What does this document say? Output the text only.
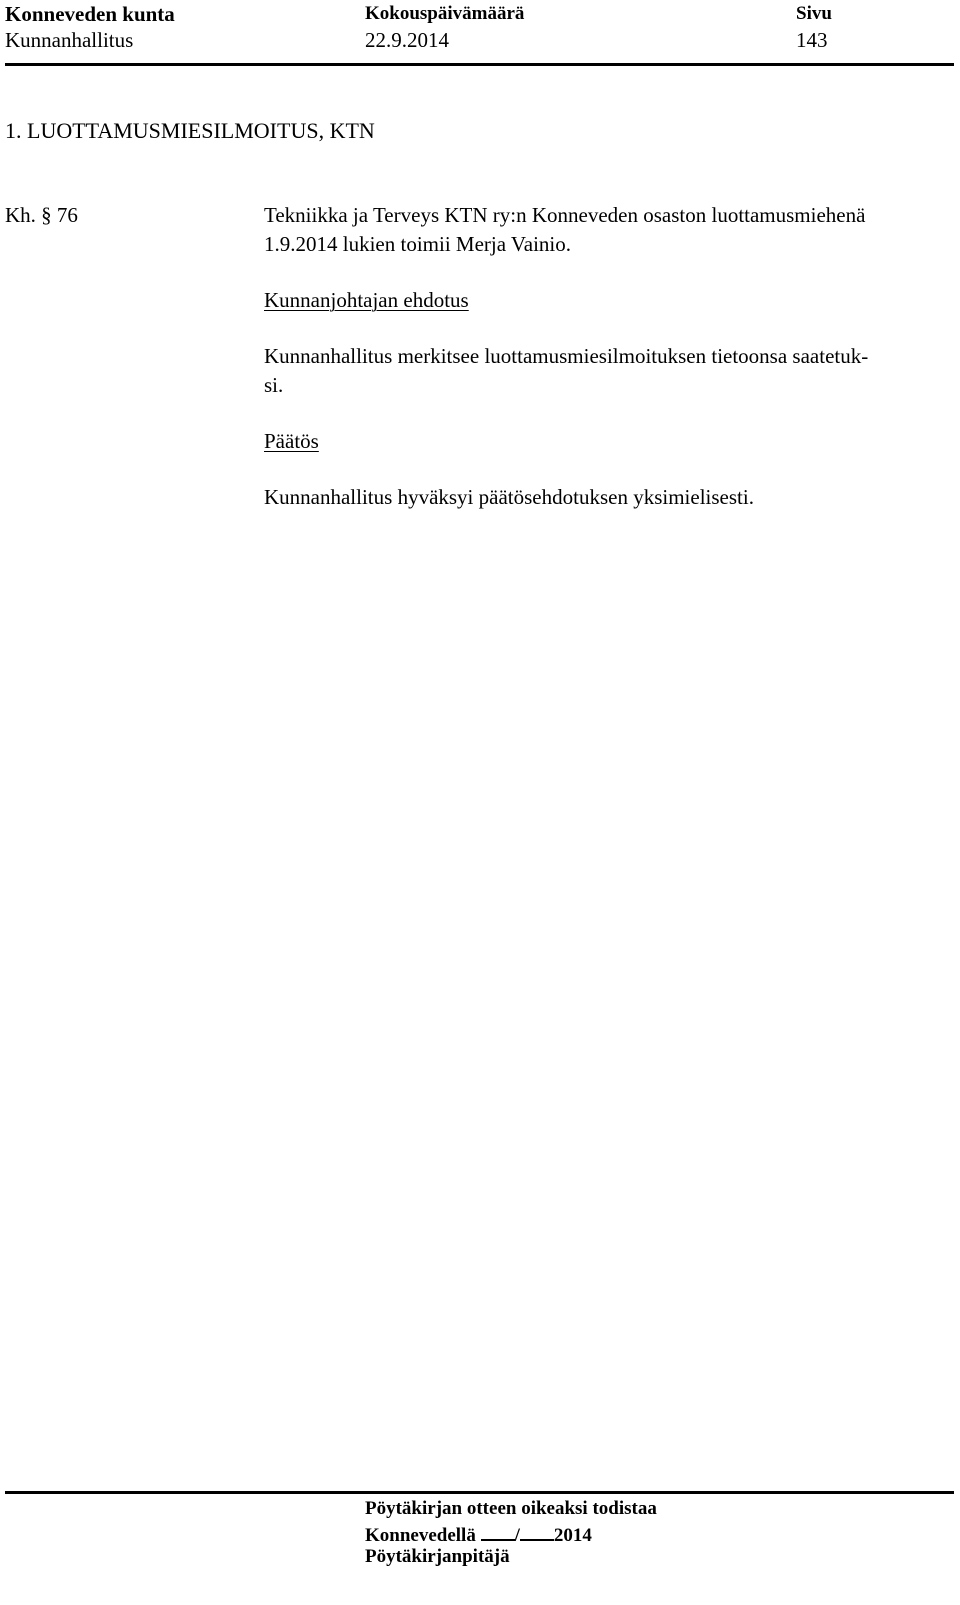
Konneveden kunta
Kunnanhallitus
Kokouspäivämäärä
22.9.2014
Sivu
143
1. LUOTTAMUSMIESILMOITUS, KTN
Kh. § 76	Tekniikka ja Terveys KTN ry:n Konneveden osaston luottamusmiehenä
1.9.2014 lukien toimii Merja Vainio.
Kunnanjohtajan ehdotus
Kunnanhallitus merkitsee luottamusmiesilmoituksen tietoonsa saatetuk-
si.
Päätös
Kunnanhallitus hyväksyi päätösehdotuksen yksimielisesti.
Pöytäkirjan otteen oikeaksi todistaa
Konnevedellä / 2014
Pöytäkirjanpitäjä
